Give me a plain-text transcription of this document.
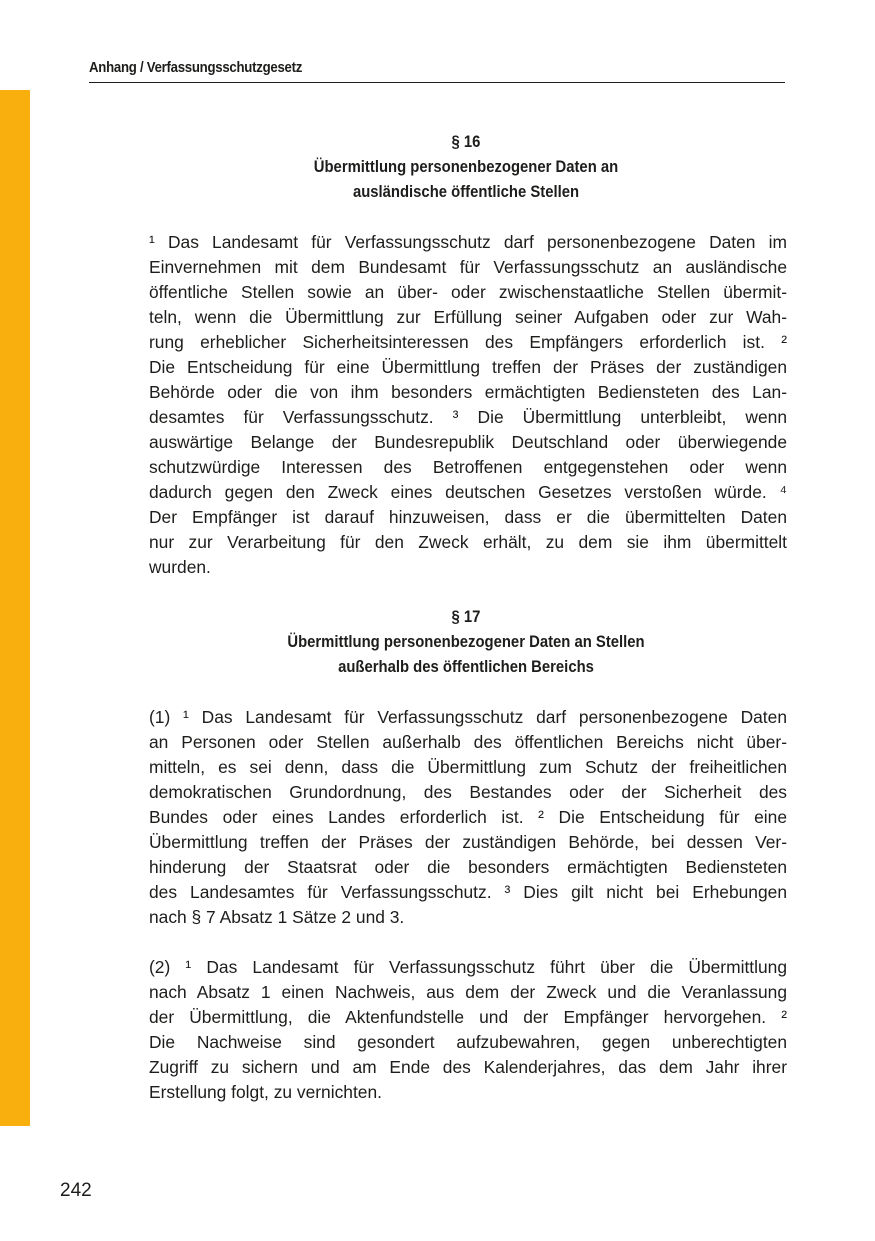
Anhang / Verfassungsschutzgesetz
§ 16
Übermittlung personenbezogener Daten an
ausländische öffentliche Stellen
¹ Das Landesamt für Verfassungsschutz darf personenbezogene Daten im
Einvernehmen mit dem Bundesamt für Verfassungsschutz an ausländische
öffentliche Stellen sowie an über- oder zwischenstaatliche Stellen übermit-
teln, wenn die Übermittlung zur Erfüllung seiner Aufgaben oder zur Wah-
rung erheblicher Sicherheitsinteressen des Empfängers erforderlich ist. ²
Die Entscheidung für eine Übermittlung treffen der Präses der zuständigen
Behörde oder die von ihm besonders ermächtigten Bediensteten des Lan-
desamtes für Verfassungsschutz. ³ Die Übermittlung unterbleibt, wenn
auswärtige Belange der Bundesrepublik Deutschland oder überwiegende
schutzwürdige Interessen des Betroffenen entgegenstehen oder wenn
dadurch gegen den Zweck eines deutschen Gesetzes verstoßen würde. ⁴
Der Empfänger ist darauf hinzuweisen, dass er die übermittelten Daten
nur zur Verarbeitung für den Zweck erhält, zu dem sie ihm übermittelt
wurden.
§ 17
Übermittlung personenbezogener Daten an Stellen
außerhalb des öffentlichen Bereichs
(1) ¹ Das Landesamt für Verfassungsschutz darf personenbezogene Daten
an Personen oder Stellen außerhalb des öffentlichen Bereichs nicht über-
mitteln, es sei denn, dass die Übermittlung zum Schutz der freiheitlichen
demokratischen Grundordnung, des Bestandes oder der Sicherheit des
Bundes oder eines Landes erforderlich ist. ² Die Entscheidung für eine
Übermittlung treffen der Präses der zuständigen Behörde, bei dessen Ver-
hinderung der Staatsrat oder die besonders ermächtigten Bediensteten
des Landesamtes für Verfassungsschutz. ³ Dies gilt nicht bei Erhebungen
nach § 7 Absatz 1 Sätze 2 und 3.
(2) ¹ Das Landesamt für Verfassungsschutz führt über die Übermittlung
nach Absatz 1 einen Nachweis, aus dem der Zweck und die Veranlassung
der Übermittlung, die Aktenfundstelle und der Empfänger hervorgehen. ²
Die Nachweise sind gesondert aufzubewahren, gegen unberechtigten
Zugriff zu sichern und am Ende des Kalenderjahres, das dem Jahr ihrer
Erstellung folgt, zu vernichten.
242
